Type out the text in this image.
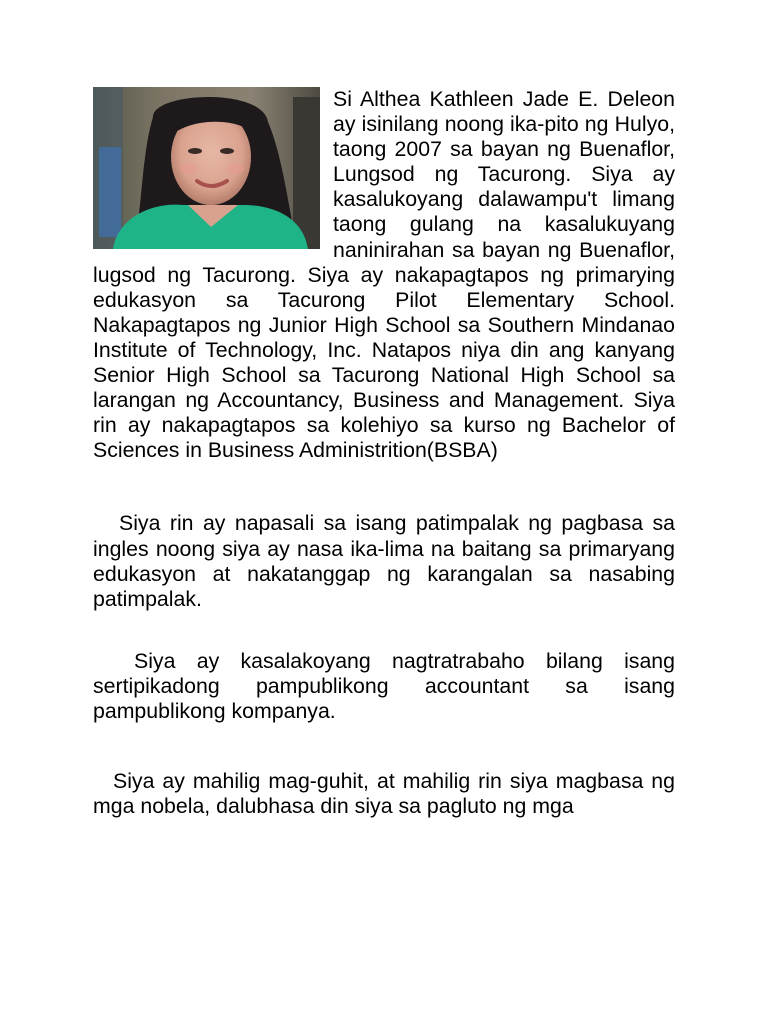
Si Althea Kathleen Jade E. Deleon ay isinilang noong ika-pito ng Hulyo, taong 2007 sa bayan ng Buenaflor, Lungsod ng Tacurong. Siya ay kasalukoyang dalawampu't limang taong gulang na kasalukuyang naninirahan sa bayan ng Buenaflor, lugsod ng Tacurong. Siya ay nakapagtapos ng primarying edukasyon sa Tacurong Pilot Elementary School. Nakapagtapos ng Junior High School sa Southern Mindanao Institute of Technology, Inc. Natapos niya din ang kanyang Senior High School sa Tacurong National High School sa larangan ng Accountancy, Business and Management. Siya rin ay nakapagtapos sa kolehiyo sa kurso ng Bachelor of Sciences in Business Administrition(BSBA)

Siya rin ay napasali sa isang patimpalak ng pagbasa sa ingles noong siya ay nasa ika-lima na baitang sa primaryang edukasyon at nakatanggap ng karangalan sa nasabing patimpalak.

Siya ay kasalakoyang nagtratrabaho bilang isang sertipikadong pampublikong accountant sa isang pampublikong kompanya.

Siya ay mahilig mag-guhit, at mahilig rin siya magbasa ng mga nobela, dalubhasa din siya sa pagluto ng mga
